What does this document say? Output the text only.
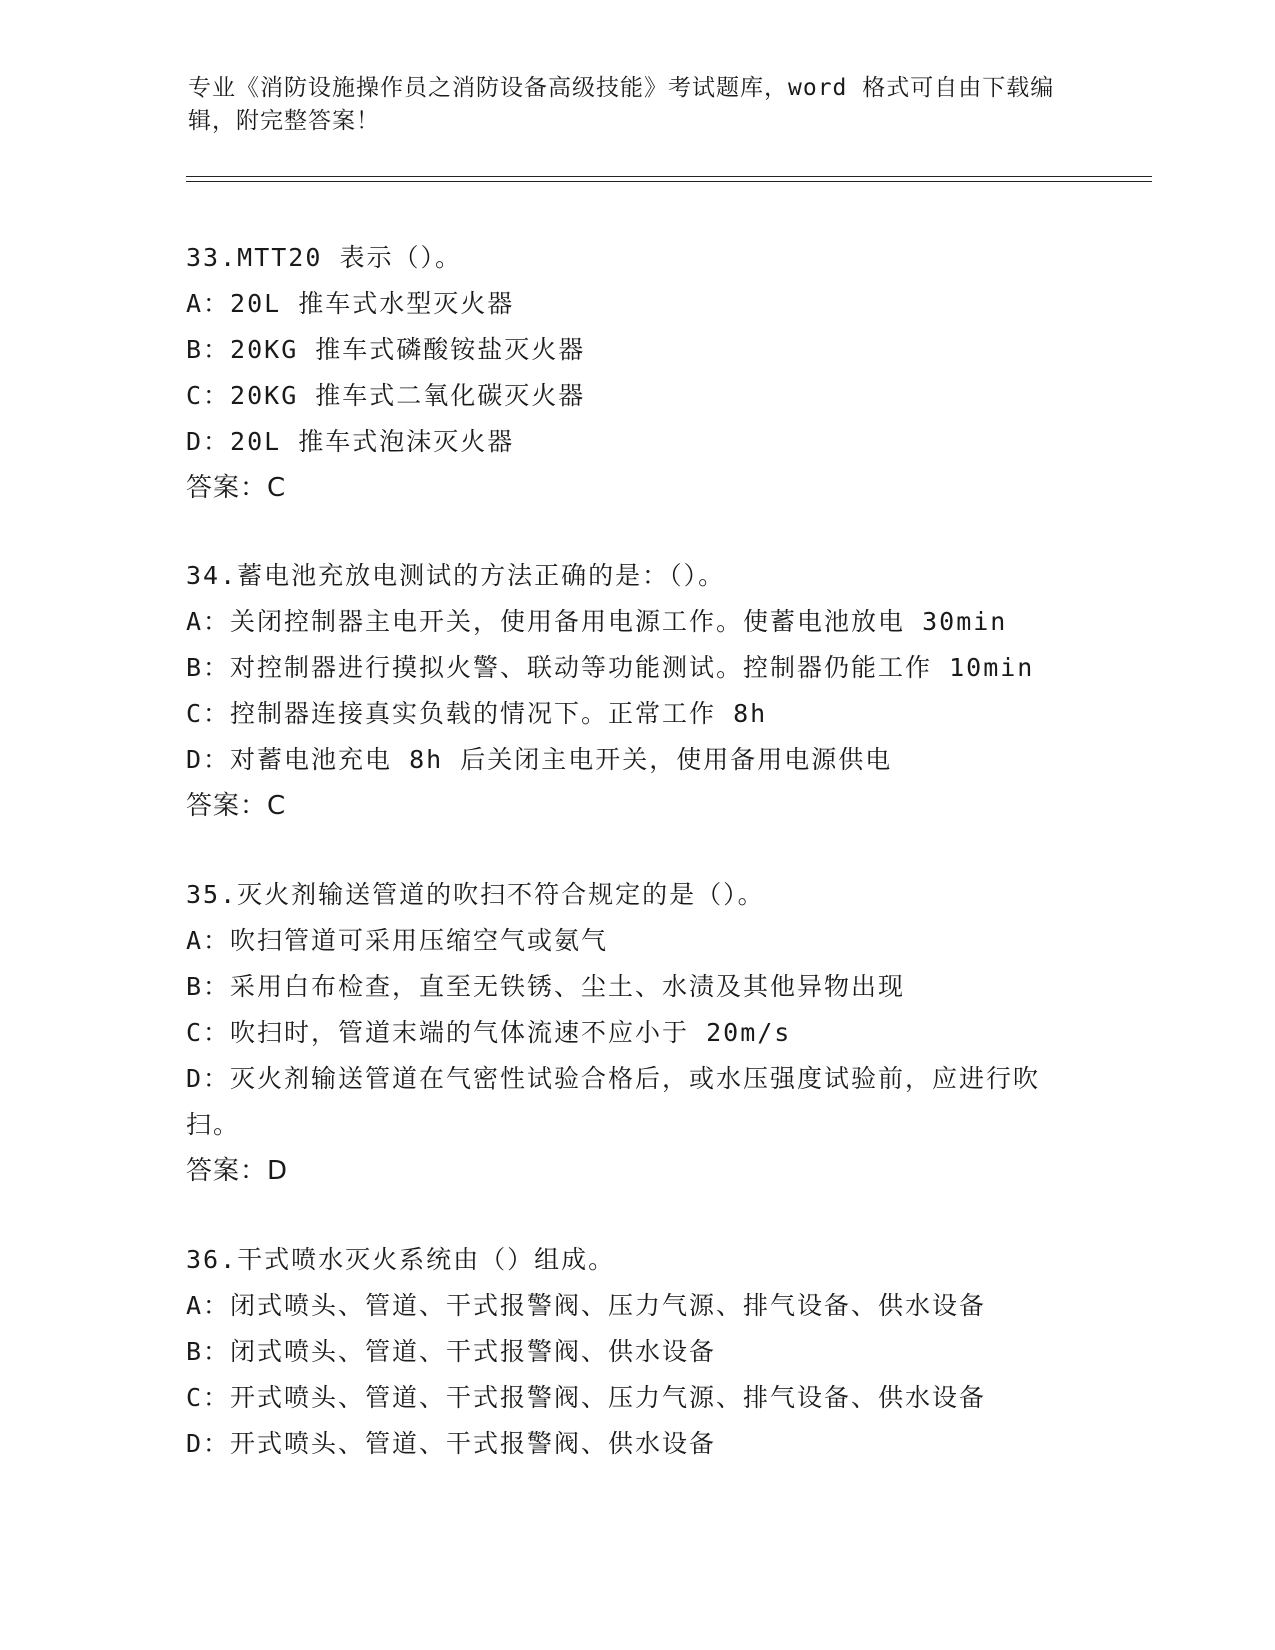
专业《消防设施操作员之消防设备高级技能》考试题库，word 格式可自由下载编辑，附完整答案！
33.MTT20 表示（）。
A：20L 推车式水型灭火器
B：20KG 推车式磷酸铵盐灭火器
C：20KG 推车式二氧化碳灭火器
D：20L 推车式泡沫灭火器
答案：C
34.蓄电池充放电测试的方法正确的是：（）。
A：关闭控制器主电开关，使用备用电源工作。使蓄电池放电 30min
B：对控制器进行摸拟火警、联动等功能测试。控制器仍能工作 10min
C：控制器连接真实负载的情况下。正常工作 8h
D：对蓄电池充电 8h 后关闭主电开关，使用备用电源供电
答案：C
35.灭火剂输送管道的吹扫不符合规定的是（）。
A：吹扫管道可采用压缩空气或氨气
B：采用白布检查，直至无铁锈、尘土、水渍及其他异物出现
C：吹扫时，管道末端的气体流速不应小于 20m/s
D：灭火剂输送管道在气密性试验合格后，或水压强度试验前，应进行吹扫。
答案：D
36.干式喷水灭火系统由（）组成。
A：闭式喷头、管道、干式报警阀、压力气源、排气设备、供水设备
B：闭式喷头、管道、干式报警阀、供水设备
C：开式喷头、管道、干式报警阀、压力气源、排气设备、供水设备
D：开式喷头、管道、干式报警阀、供水设备
